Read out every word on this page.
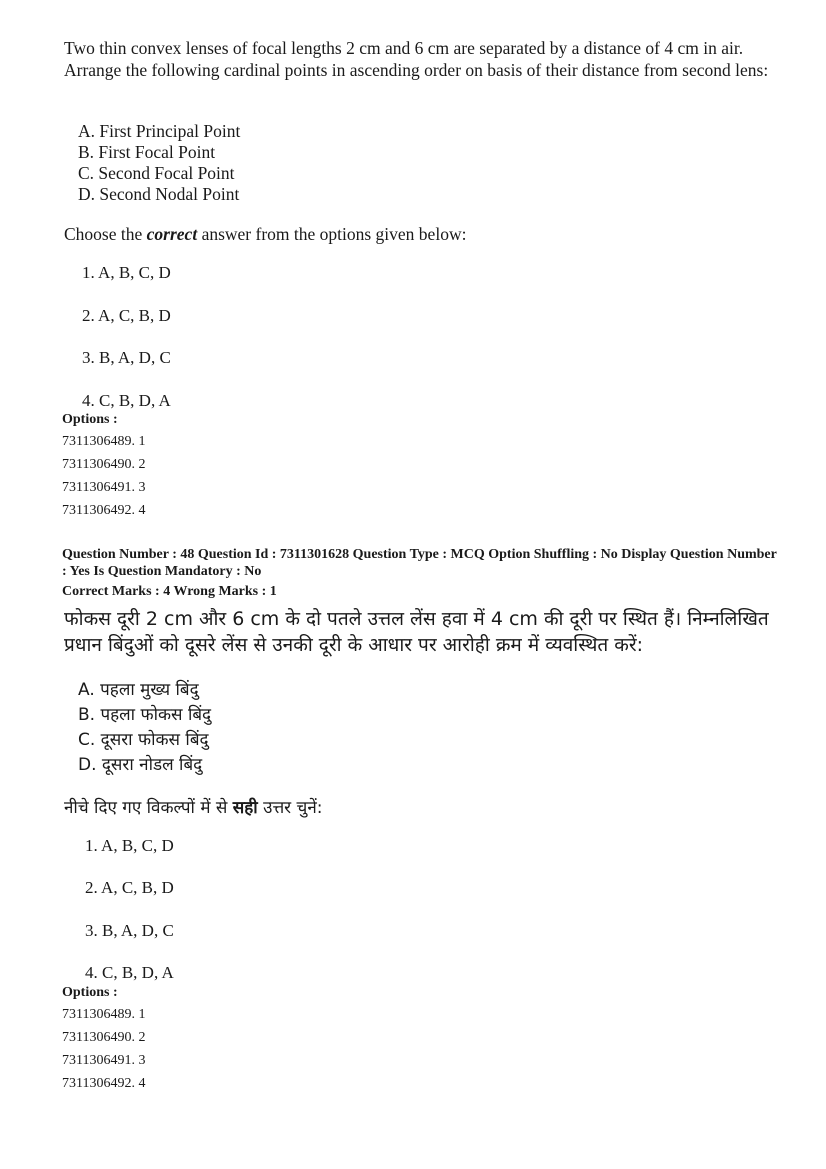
Two thin convex lenses of focal lengths 2 cm and 6 cm are separated by a distance of 4 cm in air. Arrange the following cardinal points in ascending order on basis of their distance from second lens:
A. First Principal Point
B. First Focal Point
C. Second Focal Point
D. Second Nodal Point
Choose the correct answer from the options given below:
1. A, B, C, D
2. A, C, B, D
3. B, A, D, C
4. C, B, D, A
Options :
7311306489. 1
7311306490. 2
7311306491. 3
7311306492. 4
Question Number : 48 Question Id : 7311301628 Question Type : MCQ Option Shuffling : No Display Question Number : Yes Is Question Mandatory : No
Correct Marks : 4 Wrong Marks : 1
फोकस दूरी 2 cm और 6 cm के दो पतले उत्तल लेंस हवा में 4 cm की दूरी पर स्थित हैं। निम्नलिखित प्रधान बिंदुओं को दूसरे लेंस से उनकी दूरी के आधार पर आरोही क्रम में व्यवस्थित करें:
A. पहला मुख्य बिंदु
B. पहला फोकस बिंदु
C. दूसरा फोकस बिंदु
D. दूसरा नोडल बिंदु
नीचे दिए गए विकल्पों में से सही उत्तर चुनें:
1. A, B, C, D
2. A, C, B, D
3. B, A, D, C
4. C, B, D, A
Options :
7311306489. 1
7311306490. 2
7311306491. 3
7311306492. 4
